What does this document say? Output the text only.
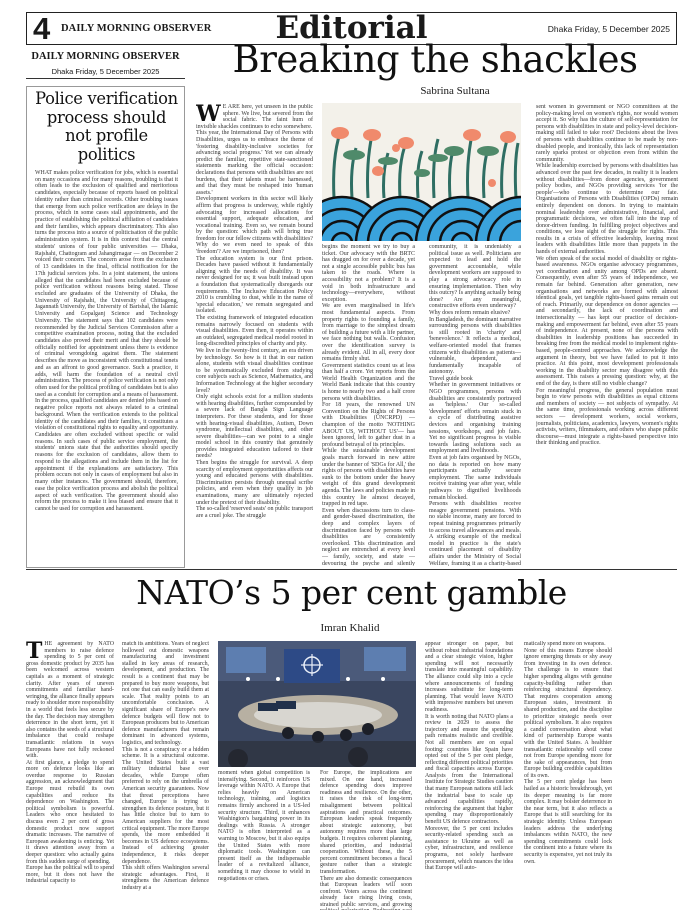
4 DAILY MORNING OBSERVER	Editorial	Dhaka Friday, 5 December 2025
DAILY MORNING OBSERVER
Dhaka Friday, 5 December 2025
Police verification process should not profile politics
WHAT makes police verification for jobs, which is essential on many occasions and for many reasons, troubling is that it often leads to the exclusion of qualified and meritorious candidates, especially because of reports based on political identity rather than criminal records. Other troubling issues that emerge from such police verification are delays in the process, which in some cases stall appointments, and the practice of establishing the political affiliation of candidates and their families, which appears discriminatory. This also turns the process into a source of politicisation of the public administration system. It is in this context that the central students' unions of four public universities — Dhaka, Rajshahi, Chattogram and Jahangirnagar — on December 2 voiced their concern. The concern arose from the exclusion of 13 candidates in the final, official notification for the 17th judicial services jobs. In a joint statement, the unions alleged that the candidates had been excluded because of police verification without reasons being stated. Those excluded are graduates of the University of Dhaka, the University of Rajshahi, the University of Chittagong, Jagannath University, the University of Barishal, the Islamic University and Gopalganj Science and Technology University. The statement says that 102 candidates were recommended by the Judicial Services Commission after a competitive examination process, noting that the excluded candidates also proved their merit and that they should be officially notified for appointment unless there is evidence of criminal wrongdoing against them. The statement describes the move as inconsistent with constitutional tenets and as an affront to good governance. Such a practice, it adds, will harm the foundation of a neutral civil administration. The process of police verification is not only often used for the political profiling of candidates but is also used as a conduit for corruption and a means of harassment. In the process, qualified candidates are denied jobs based on negative police reports not always related to a criminal background. When the verification extends to the political identity of the candidates and their families, it constitutes a violation of constitutional rights to equality and opportunity. Candidates are often excluded without specific or valid reasons. In such cases of public service employment, the students' unions state that the authorities should specify reasons for the exclusion of candidates, allow them to respond to the allegations and include them in the list for appointment if the explanations are satisfactory. This problem occurs not only in cases of employment but also in many other instances. The government should, therefore, ease the police verification process and abolish the political aspect of such verification. The government should also reform the process to make it less biased and ensure that it cannot be used for corruption and harassment.
Breaking the shackles
Sabrina Sultana
W E ARE here, yet unseen in the public sphere. We live, but severed from the social fabric. The faint hum of invisible shackles continues to echo somewhere.

This year, the International Day of Persons with Disabilities, urges us to embrace the theme of 'fostering disability-inclusive societies for advancing social progress.' Yet we can already predict the familiar, repetitive state-sanctioned statements marking the official occasion: declarations that persons with disabilities are not burdens, that their talents must be harnessed, and that they must be reshaped into 'human assets.'

Development workers in this sector will likely affirm that progress is underway, while rightly advocating for increased allocations for essential support, adequate education, and vocational training. Even so, we remain bound by the question: which path will bring true freedom for our fellow citizens with disabilities?

Why do we even need to speak of this 'freedom'? Are we imprisoned, then?

The education system is our first prison. Decades have passed without it fundamentally aligning with the needs of disability. It was never designed for us; it was built instead upon a foundation that systematically disregards our requirements. The Inclusive Education Policy 2010 is crumbling to dust, while in the name of 'special education,' we remain segregated and isolated.

The existing framework of integrated education remains narrowly focused on students with visual disabilities. Even then, it operates within an outdated, segregated medical model rooted in long-discredited principles of charity and pity.

We live in the twenty-first century, an era driven by technology. So how is it that in our nation alone, students with visual disabilities continue to be systematically excluded from studying core subjects such as Science, Mathematics, and Information Technology at the higher secondary level?

Only eight schools exist for a million students with hearing disabilities, further compounded by a severe lack of Bangla Sign Language interpreters. For these students, and for those with hearing-visual disabilities, Autism, Down syndrome, intellectual disabilities, and other severe disabilities—can we point to a single model school in this country that genuinely provides integrated education tailored to their needs?

Then begins the struggle for survival. A deep scarcity of employment opportunities affects our young and educated persons with disabilities. Discrimination persists through unequal scribe policies, and even when they qualify in job examinations, many are ultimately rejected under the pretext of their disability.

The so-called 'reserved seats' on public transport are a cruel joke. The struggle

begins the moment we try to buy a ticket. Our advocacy with the BRTC has dragged on for over a decade, yet not a single accessible public bus has taken to the roads. Where is accessibility not a problem? It is a void in both infrastructure and technology—everywhere, without exception.

We are even marginalised in life's most fundamental aspects. From property rights to founding a family, from marriage to the simplest dream of building a future with a life partner, we face nothing but walls. Confusion over the identification survey is already evident. All in all, every door remains firmly shut.

Government statistics count us at less than half a crore. Yet reports from the World Health Organization and the World Bank indicate that this country is home to nearly two and a half crore persons with disabilities.

For 18 years, the renowned UN Convention on the Rights of Persons with Disabilities (UNCRPD) — champion of the motto 'NOTHING ABOUT US, WITHOUT US'— has been ignored, left to gather dust in a profound betrayal of its principles.

While the sustainable development goals march forward in new attire under the banner of 'SDGs for All,' the rights of persons with disabilities have sunk to the bottom under the heavy weight of this grand development agenda. The laws and policies made in this country lie almost decayed, trapped in red tape.

Even when discussions turn to class- and gender-based discrimination, the deep and complex layers of discrimination faced by persons with disabilities are consistently overlooked. This discrimination and neglect are entrenched at every level — family, society, and state — devouring the psyche and silently

community, it is undeniably a political issue as well. Politicians are expected to lead and hold the government accountable, while development workers are supposed to play a strong advocacy role in ensuring implementation. Then why this outcry? Is anything actually being done? Are any meaningful, constructive efforts even underway?

Why does reform remain elusive?

In Bangladesh, the dominant narrative surrounding persons with disabilities is still rooted in 'charity' and 'benevolence.' It reflects a medical, welfare-oriented model that frames citizens with disabilities as patients—vulnerable, dependent, and fundamentally incapable of autonomy.

Travel guide book

Whether in government initiatives or NGO programmes, persons with disabilities are consistently portrayed as 'helpless.' Our so-called 'development' efforts remain stuck in a cycle of distributing assistive devices and organising training sessions, workshops, and job fairs. Yet no significant progress is visible towards lasting solutions such as employment and livelihoods.

Even at job fairs organised by NGOs, no data is reported on how many participants actually secure employment. The same individuals receive training year after year, while pathways to dignified livelihoods remain blocked.

Persons with disabilities receive meagre government pensions. With no stable income, many are forced to repeat training programmes primarily to access travel allowances and meals. A striking example of the medical model in practice is the state's continued placement of disability affairs under the Ministry of Social Welfare, framing it as a charity-based

sent women in government or NGO committees at the policy-making level on women's rights, nor would women accept it. So why has the culture of self-representation for persons with disabilities in state and policy-level decision-making still failed to take root? Decisions about the lives of persons with disabilities continue to be made by non-disabled people, and ironically, this lack of representation rarely sparks protest or objection even from within the community.

While leadership exercised by persons with disabilities has advanced over the past few decades, in reality it is leaders without disabilities—from donor agencies, government policy bodies, and NGOs providing services 'for the people'—who continue to determine our fate. Organisations of Persons with Disabilities (OPDs) remain entirely dependent on donors. In trying to maintain nominal leadership over administrative, financial, and programmatic decisions, we often fall into the trap of donor-driven funding. In fulfilling project objectives and conditions, we lose sight of the struggle for rights. This results in a crisis of effective leadership, leaving most leaders with disabilities little more than puppets in the hands of external authorities.

We often speak of the social model of disability or rights-based awareness. NGOs organise advocacy programmes, yet coordination and unity among OPDs are absent. Consequently, even after 55 years of independence, we remain far behind. Generation after generation, new organisations and networks are formed with almost identical goals, yet tangible rights-based gains remain out of reach. Primarily, our dependence on donor agencies — and secondarily, the lack of coordination and intersectionality — has kept our practice of decision-making and empowerment far behind, even after 55 years of independence. At present, none of the persons with disabilities in leadership positions has succeeded in breaking free from the medical model to implement rights-based, people-centred approaches. We acknowledge the argument in theory, but we have failed to put it into practice. At this point, most development professionals working in the disability sector may disagree with this assessment. This raises a pressing question: why, at the end of the day, is there still no visible change?

For meaningful progress, the general population must begin to view persons with disabilities as equal citizens and members of society — not subjects of sympathy. At the same time, professionals working across different sectors — development workers, social workers, journalists, politicians, academics, lawyers, women's rights activists, writers, filmmakers, and others who shape public discourse—must integrate a rights-based perspective into their thinking and practice.

NATO’s 5 per cent gamble
Imran Khalid
T HE agreement by NATO members to raise defence spending to 5 per cent of gross domestic product by 2035 has been welcomed across western capitals as a moment of strategic clarity. After years of uneven commitments and familiar hand-wringing, the alliance finally appears ready to shoulder more responsibility in a world that feels less secure by the day. The decision may strengthen deterrence in the short term, yet it also contains the seeds of a structural imbalance that could reshape transatlantic relations in ways Europeans have not fully reckoned with.

At first glance, a pledge to spend more on defence looks like an overdue response to Russian aggression, an acknowledgment that Europe must rebuild its own capabilities and reduce its dependence on Washington. The political symbolism is powerful. Leaders who once hesitated to discuss even 2 per cent of gross domestic product now support dramatic increases. The narrative of European awakening is enticing. Yet it draws attention away from a deeper question: who actually gains from this sudden surge of spending.

Europe has the political will to spend more, but it does not have the industrial capacity to

match its ambitions. Years of neglect hollowed out domestic weapons manufacturing and investment stalled in key areas of research, development, and production. The result is a continent that may be prepared to buy more weapons, but not one that can easily build them at scale. That reality points to an uncomfortable conclusion. A significant share of Europe's new defence budgets will flow not to European producers but to American defence manufacturers that remain dominant in advanced systems, logistics, and technology.

This is not a conspiracy or a hidden scheme. It is a structural outcome. The United States built a vast military industrial base over decades, while Europe often preferred to rely on the umbrella of American security guarantees. Now that threat perceptions have changed, Europe is trying to strengthen its defence posture, but it has little choice but to turn to American suppliers for the most critical equipment. The more Europe spends, the more embedded it becomes in US defence ecosystems. Instead of achieving greater independence, it risks deeper dependence.

This shift offers Washington several strategic advantages. First, it strengthens the American defence industry at a

moment when global competition is intensifying. Second, it reinforces US leverage within NATO. A Europe that relies heavily on American technology, training, and logistics remains firmly anchored in a US-led security structure. Third, it enhances Washington's bargaining power in its dealings with Russia. A stronger NATO is often interpreted as a warning to Moscow, but it also equips the United States with more diplomatic tools. Washington can present itself as the indispensable leader of a revitalized alliance, something it may choose to wield in negotiations or crises.

For Europe, the implications are mixed. On one hand, increased defence spending does improve readiness and resilience. On the other, it raises the risk of long-term misalignment between political aspirations and practical outcomes. European leaders speak frequently about strategic autonomy, but autonomy requires more than large budgets. It requires coherent planning, shared priorities, and industrial cooperation. Without these, the 5 percent commitment becomes a fiscal gesture rather than a strategic transformation.

There are also domestic consequences that European leaders will soon confront. Voters across the continent already face rising living costs, strained public services, and growing

appear stronger on paper, but without robust industrial foundations and a clear strategic vision, higher spending will not necessarily translate into meaningful capability. The alliance could slip into a cycle where announcements of funding increases substitute for long-term planning. That would leave NATO with impressive numbers but uneven readiness.

It is worth noting that NATO plans a review in 2029 to assess the trajectory and ensure the spending path remains realistic and credible. Not all members are on equal footing: countries like Spain have opted out of the 5 per cent pledge, reflecting different political priorities and fiscal capacities across Europe. Analysts from the International Institute for Strategic Studies caution that many European nations still lack the industrial base to scale up advanced capabilities rapidly, reinforcing the argument that higher spending may disproportionately benefit US defence contractors.

Moreover, the 5 per cent includes security-related spending such as assistance to Ukraine as well as cyber, infrastructure, and resilience programs, not solely hardware procurement, which nuances the idea that Europe will auto-

matically spend more on weapons.

None of this means Europe should ignore emerging threats or shy away from investing in its own defence. The challenge is to ensure that higher spending aligns with genuine capacity-building rather than reinforcing structural dependency. That requires cooperation among European states, investment in shared production, and the discipline to prioritize strategic needs over political symbolism. It also requires a candid conversation about what kind of partnership Europe wants with the United States. A healthier transatlantic relationship will come not from Europe spending more for the sake of appearances, but from Europe building credible capabilities of its own.

The 5 per cent pledge has been hailed as a historic breakthrough, yet its deeper meaning is far more complex. It may bolster deterrence in the near term, but it also reflects a Europe that is still searching for its strategic identity. Unless European leaders address the underlying imbalances within NATO, the new spending commitments could lock the continent into a future where its security is expensive, yet not truly its own.
